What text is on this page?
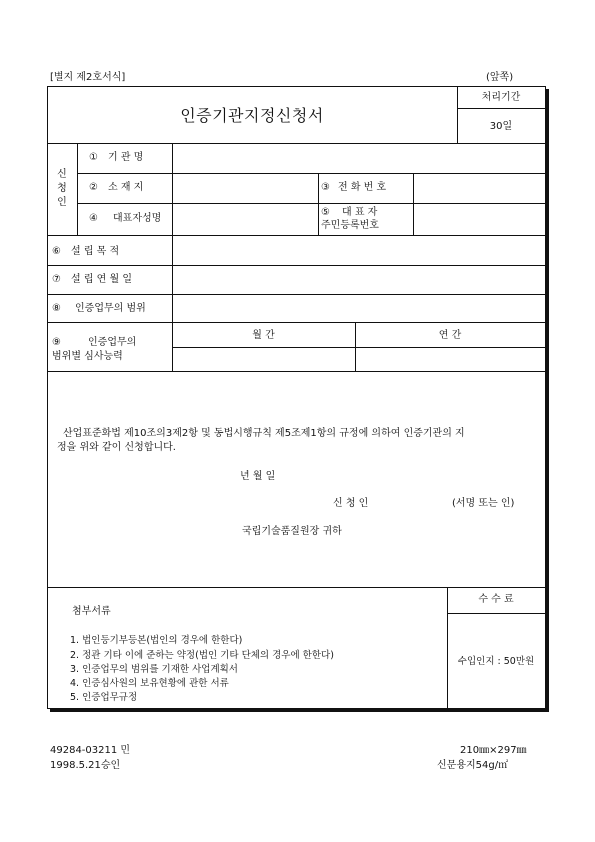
[별지 제2호서식]	(앞쪽)
인증기관지정신청서
처리기간
30일
신
청
인
① 기 관 명
② 소 재 지	③ 전 화 번 호
④ 대표자성명
⑤ 대 표 자
주민등록번호
⑥ 설 립 목 적
⑦ 설 립 연 월 일
⑧ 인증업무의 범위
⑨	인증업무의
범위별 심사능력
월 간	연 간
산업표준화법 제10조의3제2항 및 동법시행규칙 제5조제1항의 규정에 의하여 인증기관의 지
정을 위와 같이 신청합니다.
년 월 일
신 청 인	(서명 또는 인)
국립기술품질원장 귀하
첨부서류
1. 법인등기부등본(법인의 경우에 한한다)
2. 정관 기타 이에 준하는 약정(법인 기타 단체의 경우에 한한다)
3. 인증업무의 범위를 기재한 사업계획서
4. 인증심사원의 보유현황에 관한 서류
5. 인증업무규정
수 수 료
수입인지 : 50만원
49284-03211 민
1998.5.21승인
210㎜×297㎜
신문용지54g/㎡
